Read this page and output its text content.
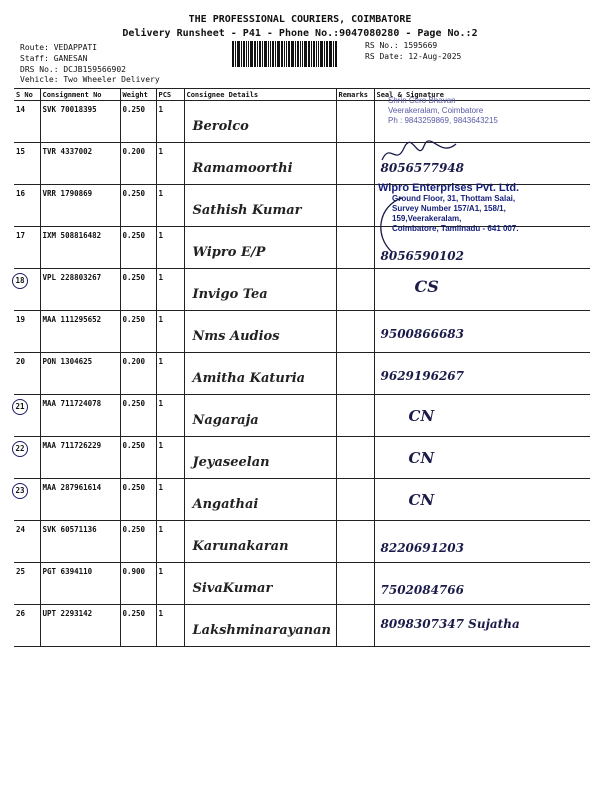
THE PROFESSIONAL COURIERS, COIMBATORE
Delivery Runsheet - P41 - Phone No.:9047080280 - Page No.:2
Route: VEDAPPATI
Staff: GANESAN
DRS No.: DCJB159566902
Vehicle: Two Wheeler Delivery
RS No.: 1595669
RS Date: 12-Aug-2025
S No	Consignment No	Weight	PCS	Consignee Details	Remarks	Seal & Signature
14	SVK 70018395	0.250	1	Berolco		

15	TVR 4337002	0.200	1	Ramamoorthi		8056577948

16	VRR 1790869	0.250	1	Sathish Kumar		

17	IXM 508816482	0.250	1	Wipro E/P		8056590102

18	VPL 228803267	0.250	1	Invigo Tea		CS

19	MAA 111295652	0.250	1	Nms Audios		9500866683

20	PON 1304625	0.200	1	Amitha Katuria		9629196267

21	MAA 711724078	0.250	1	Nagaraja		CN

22	MAA 711726229	0.250	1	Jeyaseelan		CN

23	MAA 287961614	0.250	1	Angathai		CN

24	SVK 60571136	0.250	1	Karunakaran		8220691203

25	PGT 6394110	0.900	1	SivaKumar		7502084766

26	UPT 2293142	0.250	1	Lakshminarayanan		8098307347 Sujatha
Shrin Cero Bhavan
Veerakeralam, Coimbatore
Ph : 9843259869, 9843643215
Wipro Enterprises Pvt. Ltd.
Ground Floor, 31, Thottam Salai,
Survey Number 157/A1, 158/1,
159,Veerakeralam,
Coimbatore, Tamilnadu - 641 007.
